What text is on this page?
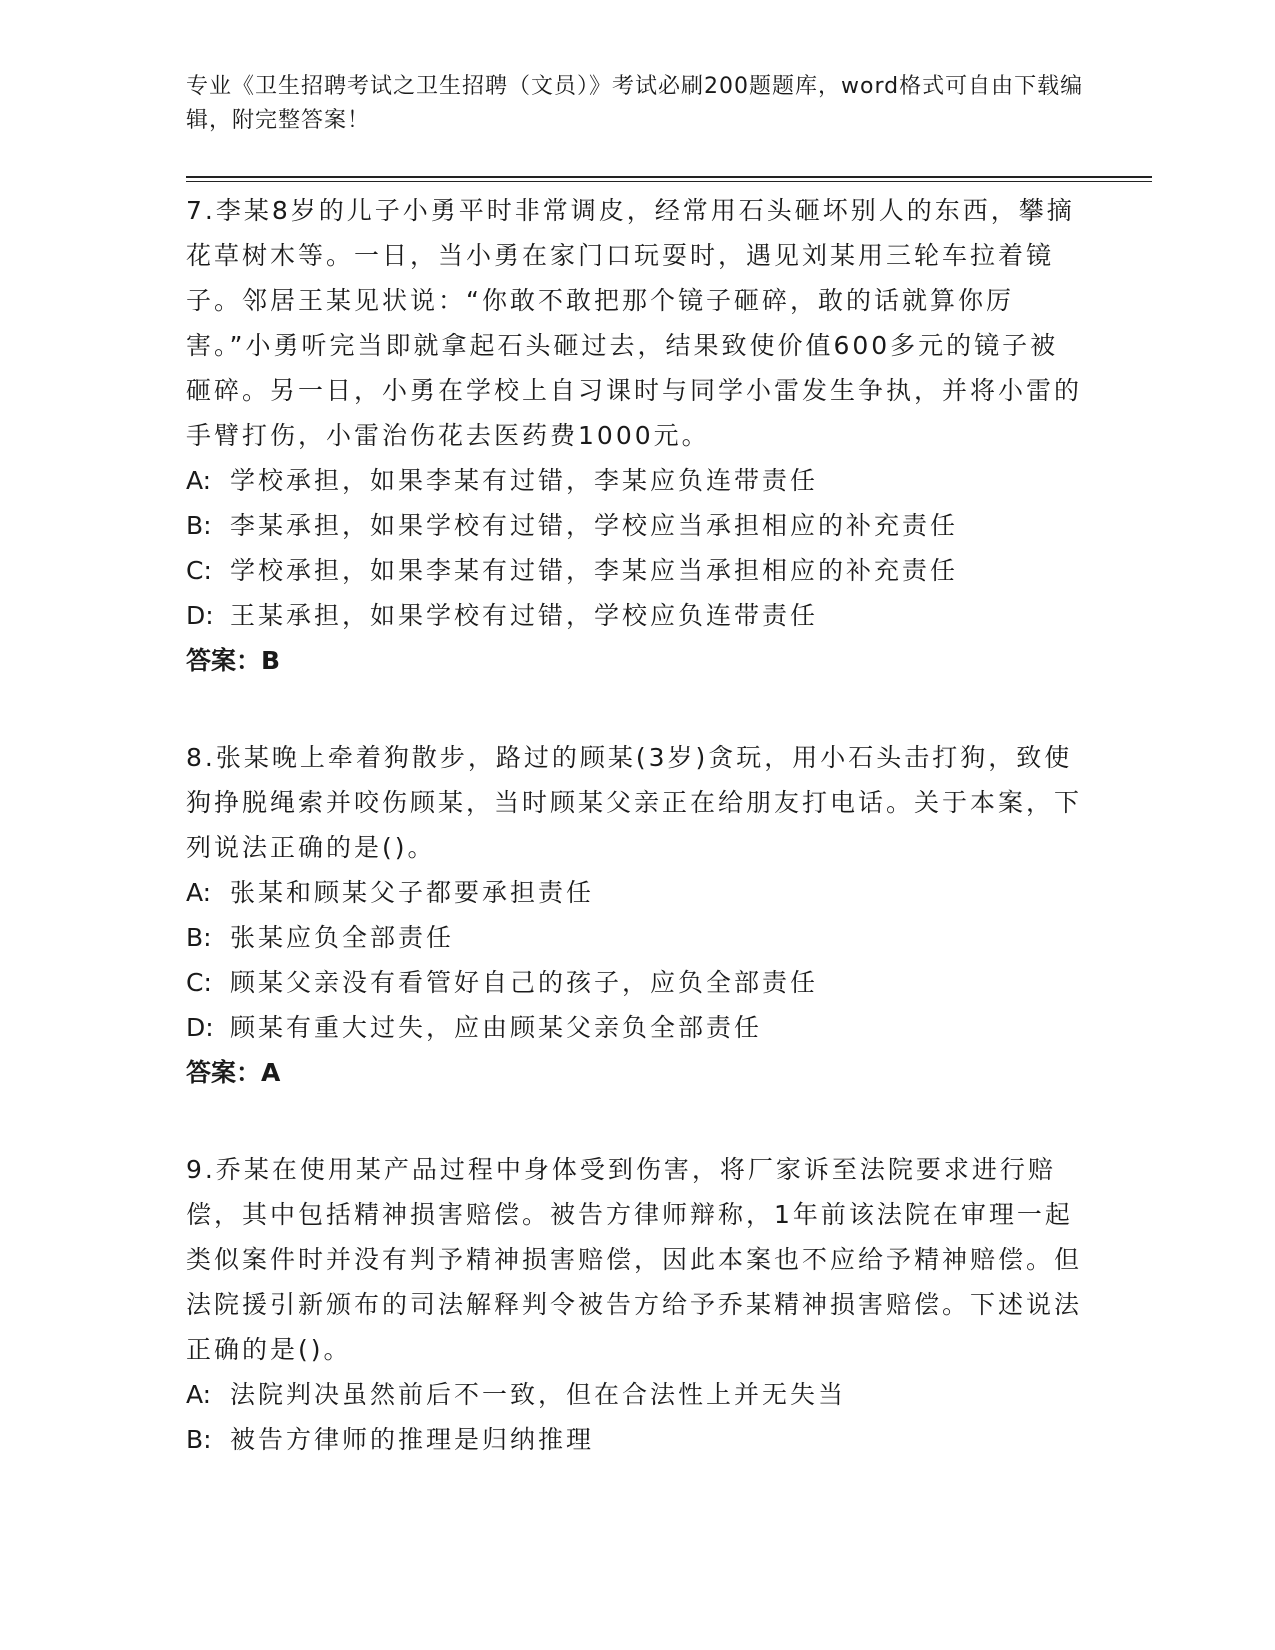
专业《卫生招聘考试之卫生招聘（文员）》考试必刷200题题库，word格式可自由下载编辑，附完整答案！

7.李某8岁的儿子小勇平时非常调皮，经常用石头砸坏别人的东西，攀摘花草树木等。一日，当小勇在家门口玩耍时，遇见刘某用三轮车拉着镜子。邻居王某见状说：“你敢不敢把那个镜子砸碎，敢的话就算你厉害。”小勇听完当即就拿起石头砸过去，结果致使价值600多元的镜子被砸碎。另一日，小勇在学校上自习课时与同学小雷发生争执，并将小雷的手臂打伤，小雷治伤花去医药费1000元。

A: 学校承担，如果李某有过错，李某应负连带责任

B: 李某承担，如果学校有过错，学校应当承担相应的补充责任

C: 学校承担，如果李某有过错，李某应当承担相应的补充责任

D: 王某承担，如果学校有过错，学校应负连带责任

答案：B

8.张某晚上牵着狗散步，路过的顾某(3岁)贪玩，用小石头击打狗，致使狗挣脱绳索并咬伤顾某，当时顾某父亲正在给朋友打电话。关于本案，下列说法正确的是()。

A: 张某和顾某父子都要承担责任

B: 张某应负全部责任

C: 顾某父亲没有看管好自己的孩子，应负全部责任

D: 顾某有重大过失，应由顾某父亲负全部责任

答案：A

9.乔某在使用某产品过程中身体受到伤害，将厂家诉至法院要求进行赔偿，其中包括精神损害赔偿。被告方律师辩称，1年前该法院在审理一起类似案件时并没有判予精神损害赔偿，因此本案也不应给予精神赔偿。但法院援引新颁布的司法解释判令被告方给予乔某精神损害赔偿。下述说法正确的是()。

A: 法院判决虽然前后不一致，但在合法性上并无失当

B: 被告方律师的推理是归纳推理
